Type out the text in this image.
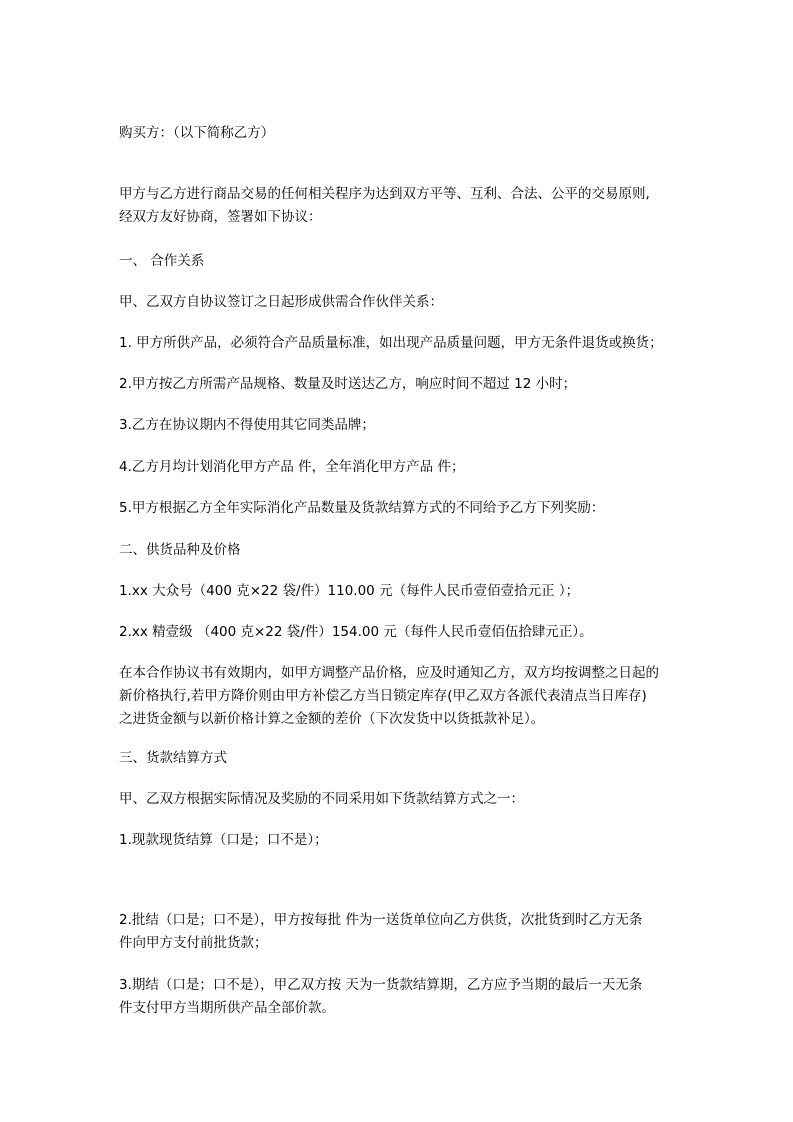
购买方：（以下简称乙方）
甲方与乙方进行商品交易的任何相关程序为达到双方平等、互利、合法、公平的交易原则,
经双方友好协商，签署如下协议：
一、 合作关系
甲、乙双方自协议签订之日起形成供需合作伙伴关系：
1. 甲方所供产品，必须符合产品质量标准，如出现产品质量问题，甲方无条件退货或换货；
2.甲方按乙方所需产品规格、数量及时送达乙方，响应时间不超过 12 小时；
3.乙方在协议期内不得使用其它同类品牌；
4.乙方月均计划消化甲方产品 件，全年消化甲方产品 件；
5.甲方根据乙方全年实际消化产品数量及货款结算方式的不同给予乙方下列奖励：
二、供货品种及价格
1.xx 大众号（400 克×22 袋/件）110.00 元（每件人民币壹佰壹拾元正 ）；
2.xx 精壹级 （400 克×22 袋/件）154.00 元（每件人民币壹佰伍拾肆元正）。
在本合作协议书有效期内，如甲方调整产品价格，应及时通知乙方，双方均按调整之日起的
新价格执行,若甲方降价则由甲方补偿乙方当日锁定库存(甲乙双方各派代表清点当日库存)
之进货金额与以新价格计算之金额的差价（下次发货中以货抵款补足）。
三、货款结算方式
甲、乙双方根据实际情况及奖励的不同采用如下货款结算方式之一：
1.现款现货结算（口是；口不是）；
2.批结（口是；口不是），甲方按每批 件为一送货单位向乙方供货，次批货到时乙方无条
件向甲方支付前批货款；
3.期结（口是；口不是），甲乙双方按 天为一货款结算期，乙方应予当期的最后一天无条
件支付甲方当期所供产品全部价款。
